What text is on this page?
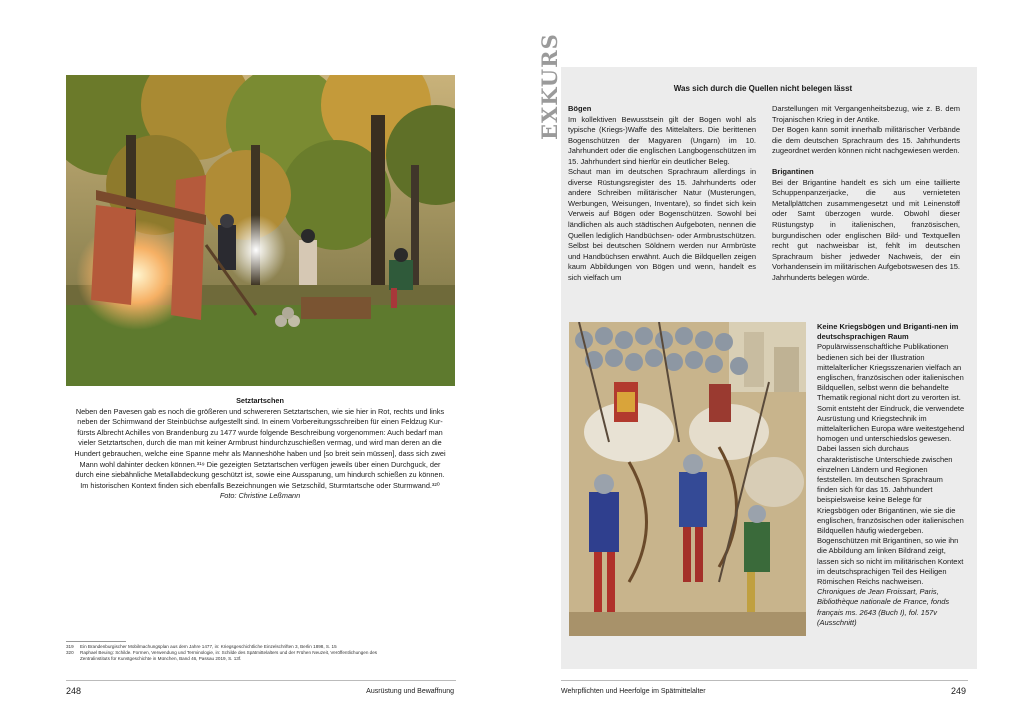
Setztartschen
Neben den Pavesen gab es noch die größeren und schwereren Setztartschen, wie sie hier in Rot, rechts und links
neben der Schirmwand der Steinbüchse aufgestellt sind. In einem Vorbereitungsschreiben für einen Feldzug Kur-
fürsts Albrecht Achilles von Brandenburg zu 1477 wurde folgende Beschreibung vorgenommen: Auch bedarf man
vieler Setztartschen, durch die man mit keiner Armbrust hindurchzuschießen vermag, und wird man deren an die
Hundert gebrauchen, welche eine Spanne mehr als Manneshöhe haben und [so breit sein müssen], dass sich zwei
Mann wohl dahinter decken können.³¹⁹ Die gezeigten Setztartschen verfügen jeweils über einen Durchguck, der
durch eine siebähnliche Metallabdeckung geschützt ist, sowie eine Aussparung, um hindurch schießen zu können.
Im historischen Kontext finden sich ebenfalls Bezeichnungen wie Setzschild, Sturmtartsche oder Sturmwand.³²⁰
Foto: Christine Leßmann
319	Ein Brandenburgischer Mobilmachungsplan aus dem Jahre 1477, in: Kriegsgeschichtliche Einzelschriften 3, Berlin 1898, S. 15
320	Raphael Beuing: Schilde. Formen, Verwendung und Terminologie, in: Schilde des Spätmittelalters und der Frühen Neuzeit, Veröffentlichungen des
Zentralinstituts für Kunstgeschichte in München, Band 46, Passau 2019, S. 13f.
248	Ausrüstung und Bewaffnung	Wehrpflichten und Heerfolge im Spätmittelalter	249
EXKURS	Was sich durch die Quellen nicht belegen lässt
Bögen

Im kollektiven Bewusstsein gilt der Bogen wohl als typische (Kriegs-)Waffe des Mittelalters. Die berittenen Bogenschützen der Magyaren (Ungarn) im 10. Jahrhundert oder die englischen Langbogenschützen im 15. Jahrhundert sind hierfür ein deutlicher Beleg.

Schaut man im deutschen Sprachraum allerdings in diverse Rüstungsregister des 15. Jahrhunderts oder andere Schreiben militärischer Natur (Musterungen, Werbungen, Weisungen, Inventare), so findet sich kein Verweis auf Bögen oder Bogenschützen. Sowohl bei ländlichen als auch städtischen Aufgeboten, nennen die Quellen lediglich Handbüchsen- oder Armbrustschützen. Selbst bei deutschen Söldnern werden nur Armbrüste und Handbüchsen erwähnt. Auch die Bildquellen zeigen kaum Abbildungen von Bögen und wenn, handelt es sich vielfach um

Darstellungen mit Vergangenheitsbezug, wie z. B. dem Trojanischen Krieg in der Antike.

Der Bogen kann somit innerhalb militärischer Verbände die dem deutschen Sprachraum des 15. Jahrhunderts zugeordnet werden können nicht nachgewiesen werden.

Brigantinen

Bei der Brigantine handelt es sich um eine taillierte Schuppenpanzerjacke, die aus vernieteten Metallplättchen zusammengesetzt und mit Leinenstoff oder Samt überzogen wurde. Obwohl dieser Rüstungstyp in italienischen, französischen, burgundischen oder englischen Bild- und Textquellen recht gut nachweisbar ist, fehlt im deutschen Sprachraum bisher jedweder Nachweis, der ein Vorhandensein im militärischen Aufgebotswesen des 15. Jahrhunderts belegen würde.

Keine Kriegsbögen und Briganti-nen im deutschsprachigen Raum
Populärwissenschaftliche Publikationen bedienen sich bei der Illustration mittelalterlicher Kriegsszenarien vielfach an englischen, französischen oder italienischen Bildquellen, selbst wenn die behandelte Thematik regional nicht dort zu verorten ist. Somit entsteht der Eindruck, die verwendete Ausrüstung und Kriegstechnik im mittelalterlichen Europa wäre weitestgehend homogen und unterschiedslos gewesen. Dabei lassen sich durchaus charakteristische Unterschiede zwischen einzelnen Ländern und Regionen feststellen. Im deutschen Sprachraum finden sich für das 15. Jahrhundert beispielsweise keine Belege für Kriegsbögen oder Brigantinen, wie sie die englischen, französischen oder italienischen Bildquellen häufig wiedergeben. Bogenschützen mit Brigantinen, so wie ihn die Abbildung am linken Bildrand zeigt, lassen sich so nicht im militärischen Kontext im deutschsprachigen Teil des Heiligen Römischen Reichs nachweisen.
Chroniques de Jean Froissart, Paris, Bibliothèque nationale de France, fonds français ms. 2643 (Buch I), fol. 157v (Ausschnitt)
